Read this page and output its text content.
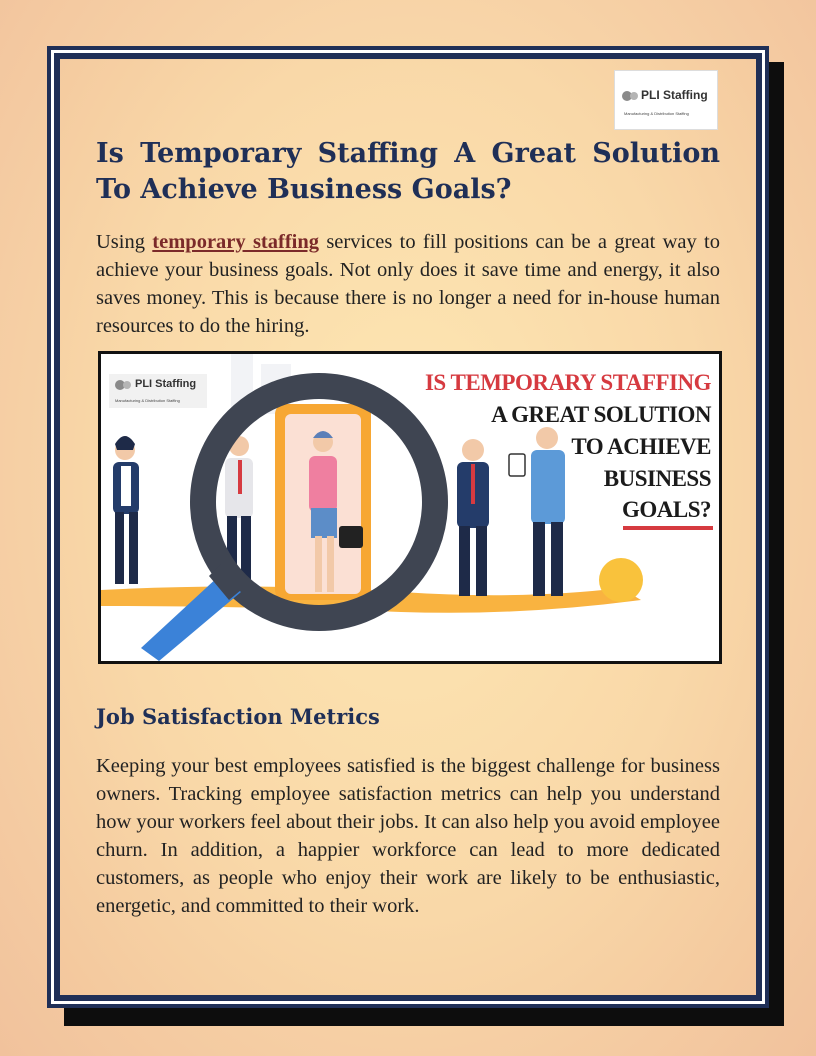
PLI Staffing
Manufacturing & Distribution Staffing
Is Temporary Staffing A Great Solution To Achieve Business Goals?

Using temporary staffing services to fill positions can be a great way to achieve your business goals. Not only does it save time and energy, it also saves money. This is because there is no longer a need for in-house human resources to do the hiring.

PLI Staffing
Manufacturing & Distribution Staffing
IS TEMPORARY STAFFING
A GREAT SOLUTION
TO ACHIEVE
BUSINESS
GOALS?
Job Satisfaction Metrics

Keeping your best employees satisfied is the biggest challenge for business owners. Tracking employee satisfaction metrics can help you understand how your workers feel about their jobs. It can also help you avoid employee churn. In addition, a happier workforce can lead to more dedicated customers, as people who enjoy their work are likely to be enthusiastic, energetic, and committed to their work.
